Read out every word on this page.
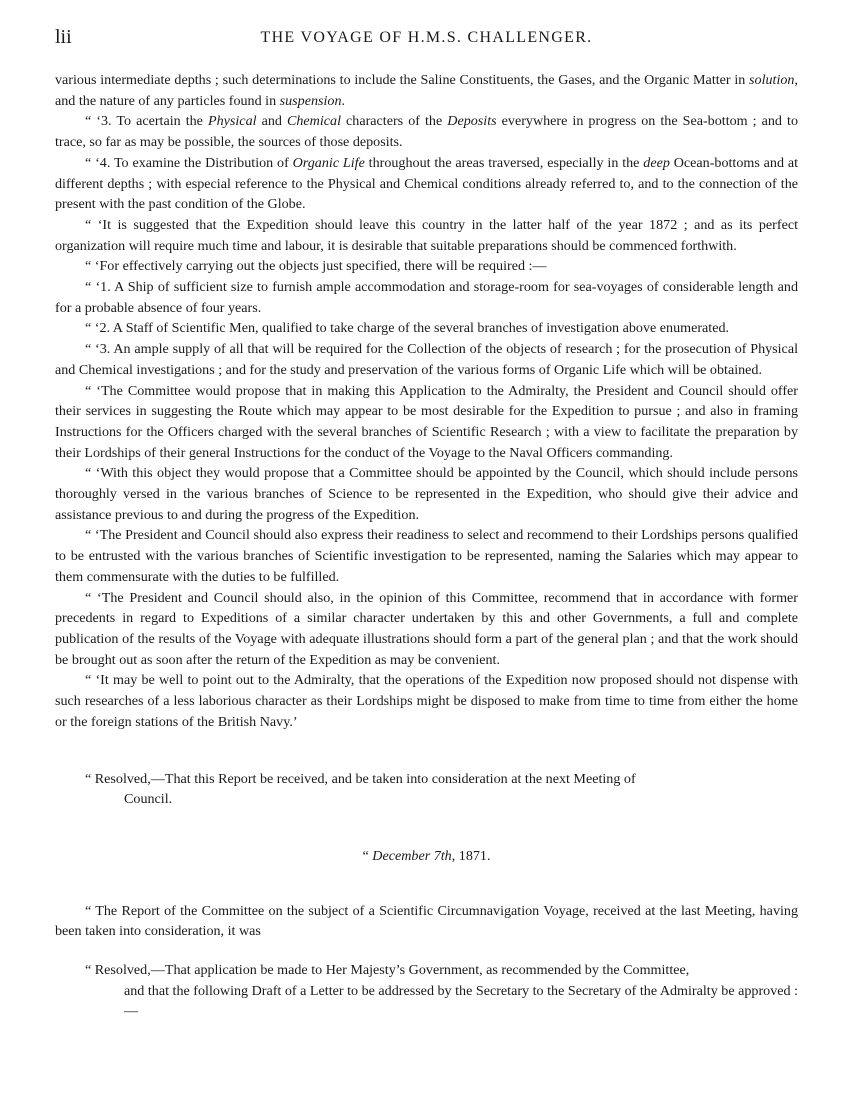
lii	THE VOYAGE OF H.M.S. CHALLENGER.

various intermediate depths ; such determinations to include the Saline Constituents, the Gases, and the Organic Matter in solution, and the nature of any particles found in suspension.

“ ‘3. To acertain the Physical and Chemical characters of the Deposits everywhere in progress on the Sea-bottom ; and to trace, so far as may be possible, the sources of those deposits.

“ ‘4. To examine the Distribution of Organic Life throughout the areas traversed, especially in the deep Ocean-bottoms and at different depths ; with especial reference to the Physical and Chemical conditions already referred to, and to the connection of the present with the past condition of the Globe.

“ ‘It is suggested that the Expedition should leave this country in the latter half of the year 1872 ; and as its perfect organization will require much time and labour, it is desirable that suitable preparations should be commenced forthwith.

“ ‘For effectively carrying out the objects just specified, there will be required :—

“ ‘1. A Ship of sufficient size to furnish ample accommodation and storage-room for sea-voyages of considerable length and for a probable absence of four years.

“ ‘2. A Staff of Scientific Men, qualified to take charge of the several branches of investigation above enumerated.

“ ‘3. An ample supply of all that will be required for the Collection of the objects of research ; for the prosecution of Physical and Chemical investigations ; and for the study and preservation of the various forms of Organic Life which will be obtained.

“ ‘The Committee would propose that in making this Application to the Admiralty, the President and Council should offer their services in suggesting the Route which may appear to be most desirable for the Expedition to pursue ; and also in framing Instructions for the Officers charged with the several branches of Scientific Research ; with a view to facilitate the preparation by their Lordships of their general Instructions for the conduct of the Voyage to the Naval Officers commanding.

“ ‘With this object they would propose that a Committee should be appointed by the Council, which should include persons thoroughly versed in the various branches of Science to be represented in the Expedition, who should give their advice and assistance previous to and during the progress of the Expedition.

“ ‘The President and Council should also express their readiness to select and recommend to their Lordships persons qualified to be entrusted with the various branches of Scientific investigation to be represented, naming the Salaries which may appear to them commensurate with the duties to be fulfilled.

“ ‘The President and Council should also, in the opinion of this Committee, recommend that in accordance with former precedents in regard to Expeditions of a similar character undertaken by this and other Governments, a full and complete publication of the results of the Voyage with adequate illustrations should form a part of the general plan ; and that the work should be brought out as soon after the return of the Expedition as may be convenient.

“ ‘It may be well to point out to the Admiralty, that the operations of the Expedition now proposed should not dispense with such researches of a less laborious character as their Lordships might be disposed to make from time to time from either the home or the foreign stations of the British Navy.’

“ Resolved,—That this Report be received, and be taken into consideration at the next Meeting of
Council.

“ December 7th, 1871.

“ The Report of the Committee on the subject of a Scientific Circumnavigation Voyage, received at the last Meeting, having been taken into consideration, it was

“ Resolved,—That application be made to Her Majesty’s Government, as recommended by the Committee,
and that the following Draft of a Letter to be addressed by the Secretary to the Secretary of the Admiralty be approved :—
